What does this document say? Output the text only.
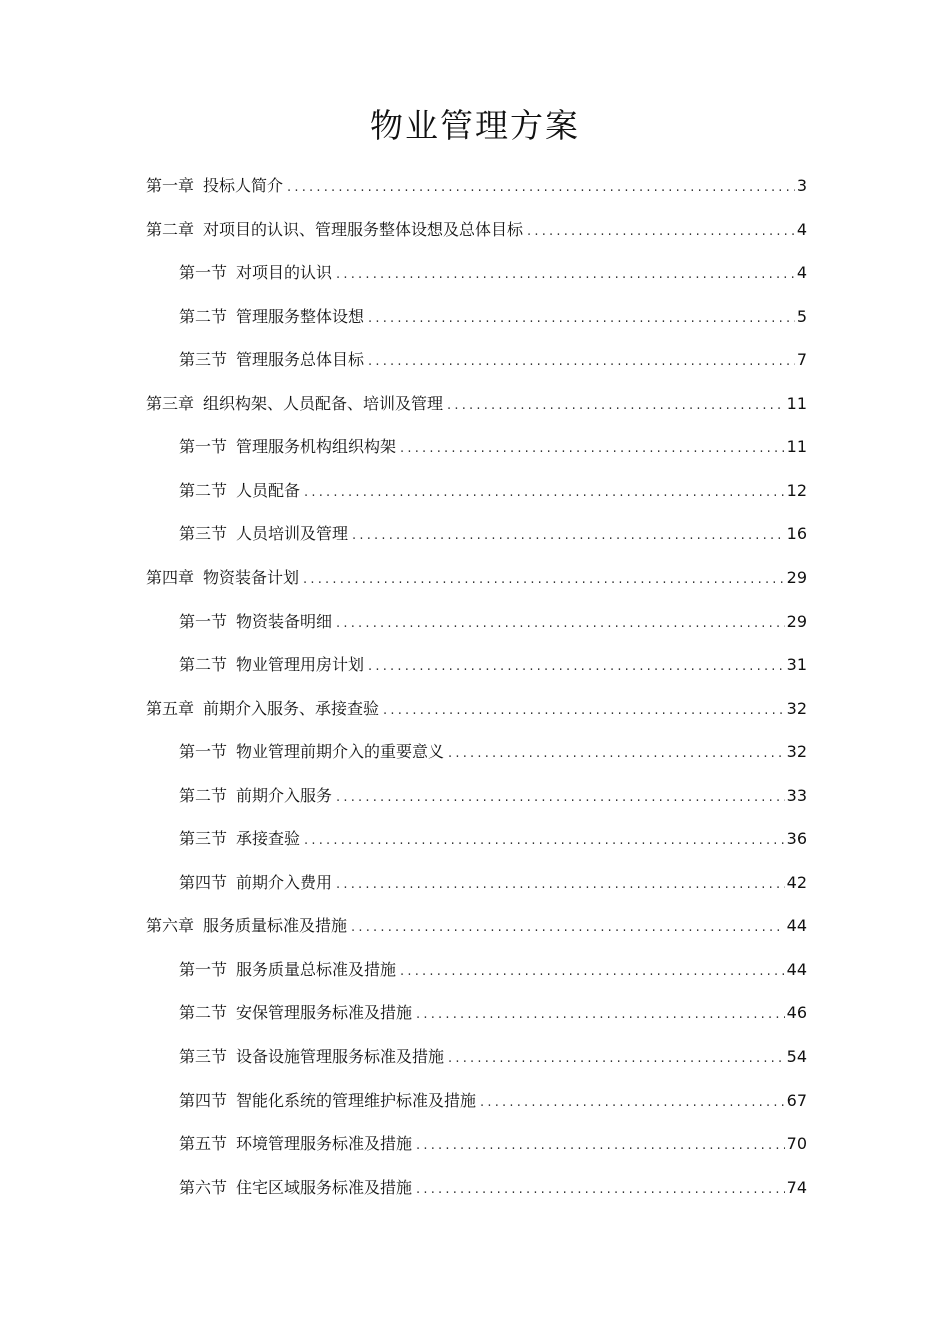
物业管理方案
第一章 投标人简介 .....	3
第二章 对项目的认识、管理服务整体设想及总体目标 .....	4
第一节 对项目的认识 .....	4
第二节 管理服务整体设想 .....	5
第三节 管理服务总体目标 .....	7
第三章 组织构架、人员配备、培训及管理 .....	11
第一节 管理服务机构组织构架 .....	11
第二节 人员配备 .....	12
第三节 人员培训及管理 .....	16
第四章 物资装备计划 .....	29
第一节 物资装备明细 .....	29
第二节 物业管理用房计划 .....	31
第五章 前期介入服务、承接查验 .....	32
第一节 物业管理前期介入的重要意义 .....	32
第二节 前期介入服务 .....	33
第三节 承接查验 .....	36
第四节 前期介入费用 .....	42
第六章 服务质量标准及措施 .....	44
第一节 服务质量总标准及措施 .....	44
第二节 安保管理服务标准及措施 .....	46
第三节 设备设施管理服务标准及措施 .....	54
第四节 智能化系统的管理维护标准及措施 .....	67
第五节 环境管理服务标准及措施 .....	70
第六节 住宅区域服务标准及措施 .....	74
